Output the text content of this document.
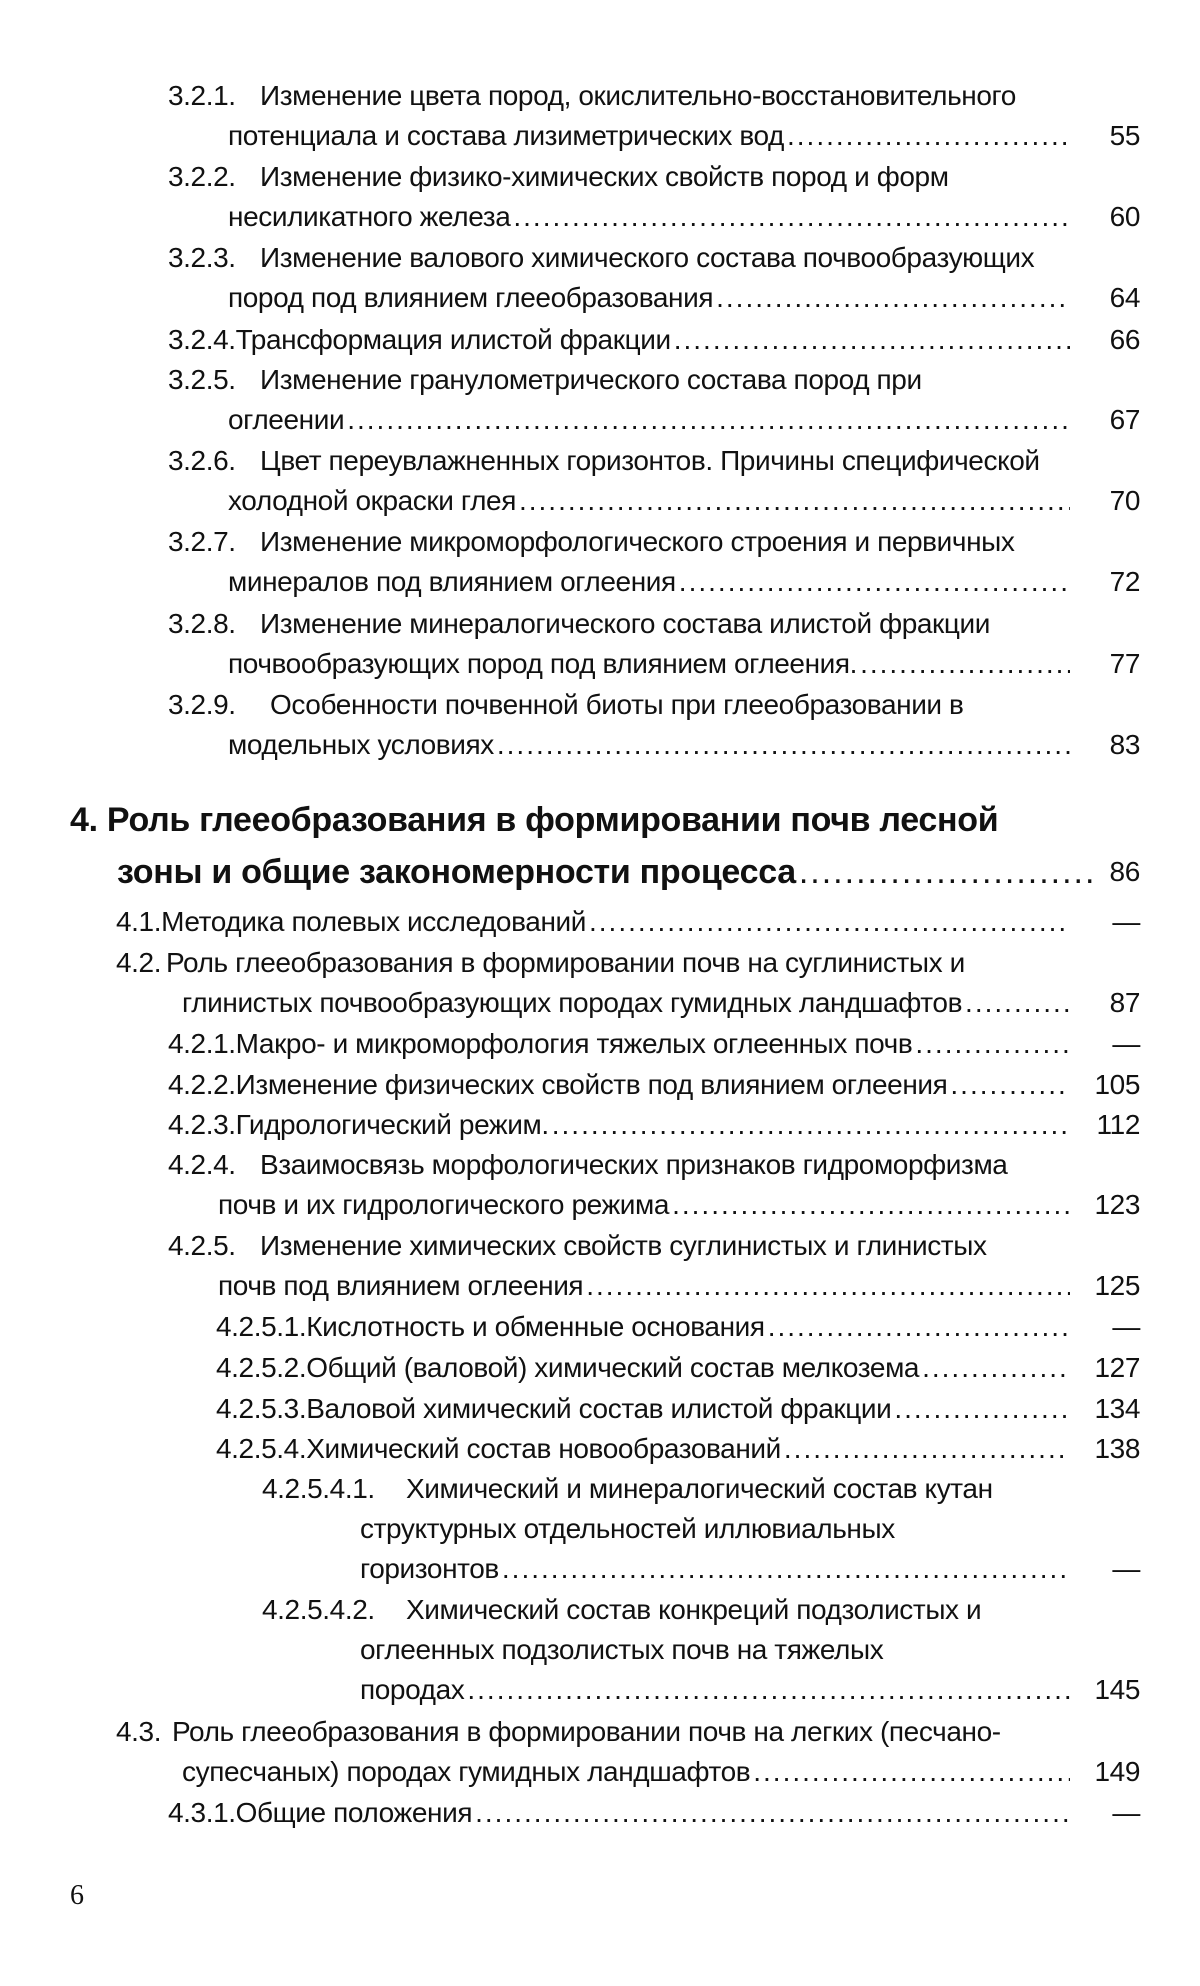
3.2.1. Изменение цвета пород, окислительно-восстановительного
потенциала и состава лизиметрических вод .....	55
3.2.2. Изменение физико-химических свойств пород и форм
несиликатного железа .....	60
3.2.3. Изменение валового химического состава почвообразующих
пород под влиянием глееобразования .....	64
3.2.4. Трансформация илистой фракции .....	66
3.2.5. Изменение гранулометрического состава пород при
оглеении .....	67
3.2.6. Цвет переувлажненных горизонтов. Причины специфической
холодной окраски глея .....	70
3.2.7. Изменение микроморфологического строения и первичных
минералов под влиянием оглеения .....	72
3.2.8. Изменение минералогического состава илистой фракции
почвообразующих пород под влиянием оглеения. .....	77
3.2.9. Особенности почвенной биоты при глееобразовании в
модельных условиях .....	83
4. Роль глееобразования в формировании почв лесной
зоны и общие закономерности процесса .....	86
4.1. Методика полевых исследований .....	—
4.2. Роль глееобразования в формировании почв на суглинистых и
глинистых почвообразующих породах гумидных ландшафтов .....	87
4.2.1. Макро- и микроморфология тяжелых оглеенных почв .....	—
4.2.2. Изменение физических свойств под влиянием оглеения .....	105
4.2.3. Гидрологический режим. .....	112
4.2.4. Взаимосвязь морфологических признаков гидроморфизма
почв и их гидрологического режима .....	123
4.2.5. Изменение химических свойств суглинистых и глинистых
почв под влиянием оглеения .....	125
4.2.5.1. Кислотность и обменные основания .....	—
4.2.5.2. Общий (валовой) химический состав мелкозема .....	127
4.2.5.3. Валовой химический состав илистой фракции .....	134
4.2.5.4. Химический состав новообразований .....	138
4.2.5.4.1. Химический и минералогический состав кутан
структурных отдельностей иллювиальных
горизонтов .....	—
4.2.5.4.2. Химический состав конкреций подзолистых и
оглеенных подзолистых почв на тяжелых
породах .....	145
4.3. Роль глееобразования в формировании почв на легких (песчано-
супесчаных) породах гумидных ландшафтов .....	149
4.3.1. Общие положения .....	—
6
